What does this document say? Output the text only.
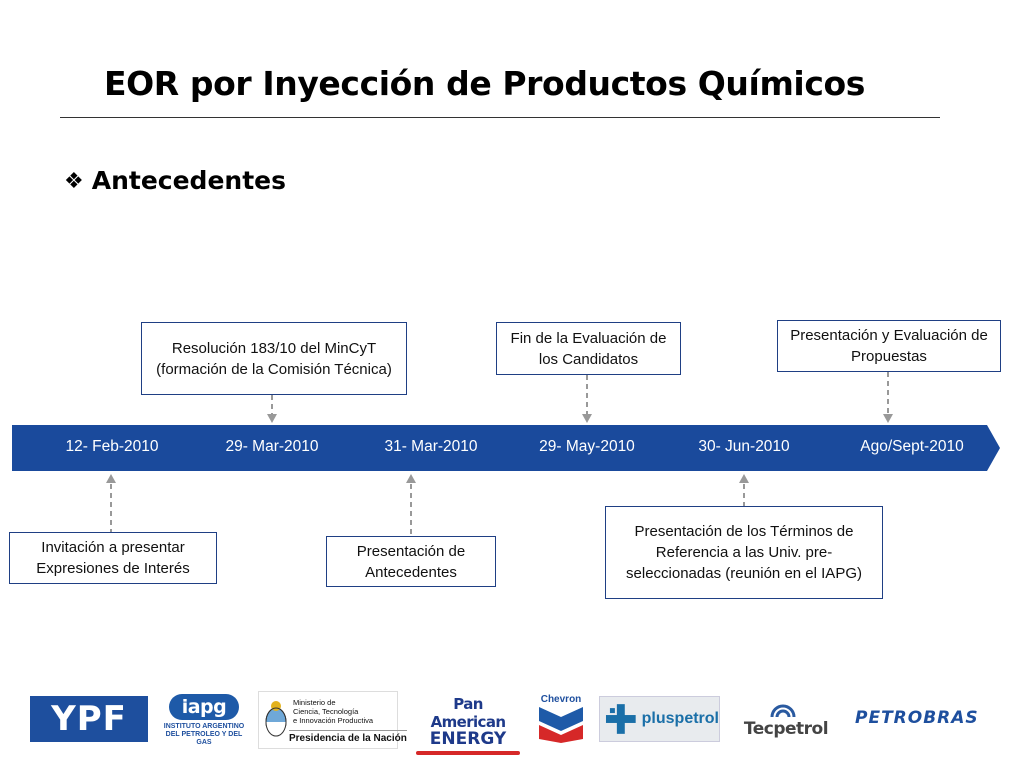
EOR por Inyección de Productos Químicos
❖ Antecedentes
12- Feb-2010	29- Mar-2010	31- Mar-2010	29- May-2010	30- Jun-2010	Ago/Sept-2010
Resolución 183/10 del MinCyT (formación de la Comisión Técnica)
Fin de la Evaluación de los Candidatos
Presentación y Evaluación de Propuestas
Invitación a presentar Expresiones de Interés
Presentación de Antecedentes
Presentación de los Términos de Referencia a las Univ. pre-seleccionadas (reunión en el IAPG)
YPF	iapg
INSTITUTO ARGENTINO DEL PETROLEO Y DEL GAS
Ministerio de
Ciencia, Tecnología
e Innovación Productiva
Presidencia de la Nación
Pan American
ENERGY
Chevron
pluspetrol
Tecpetrol
PETROBRAS
